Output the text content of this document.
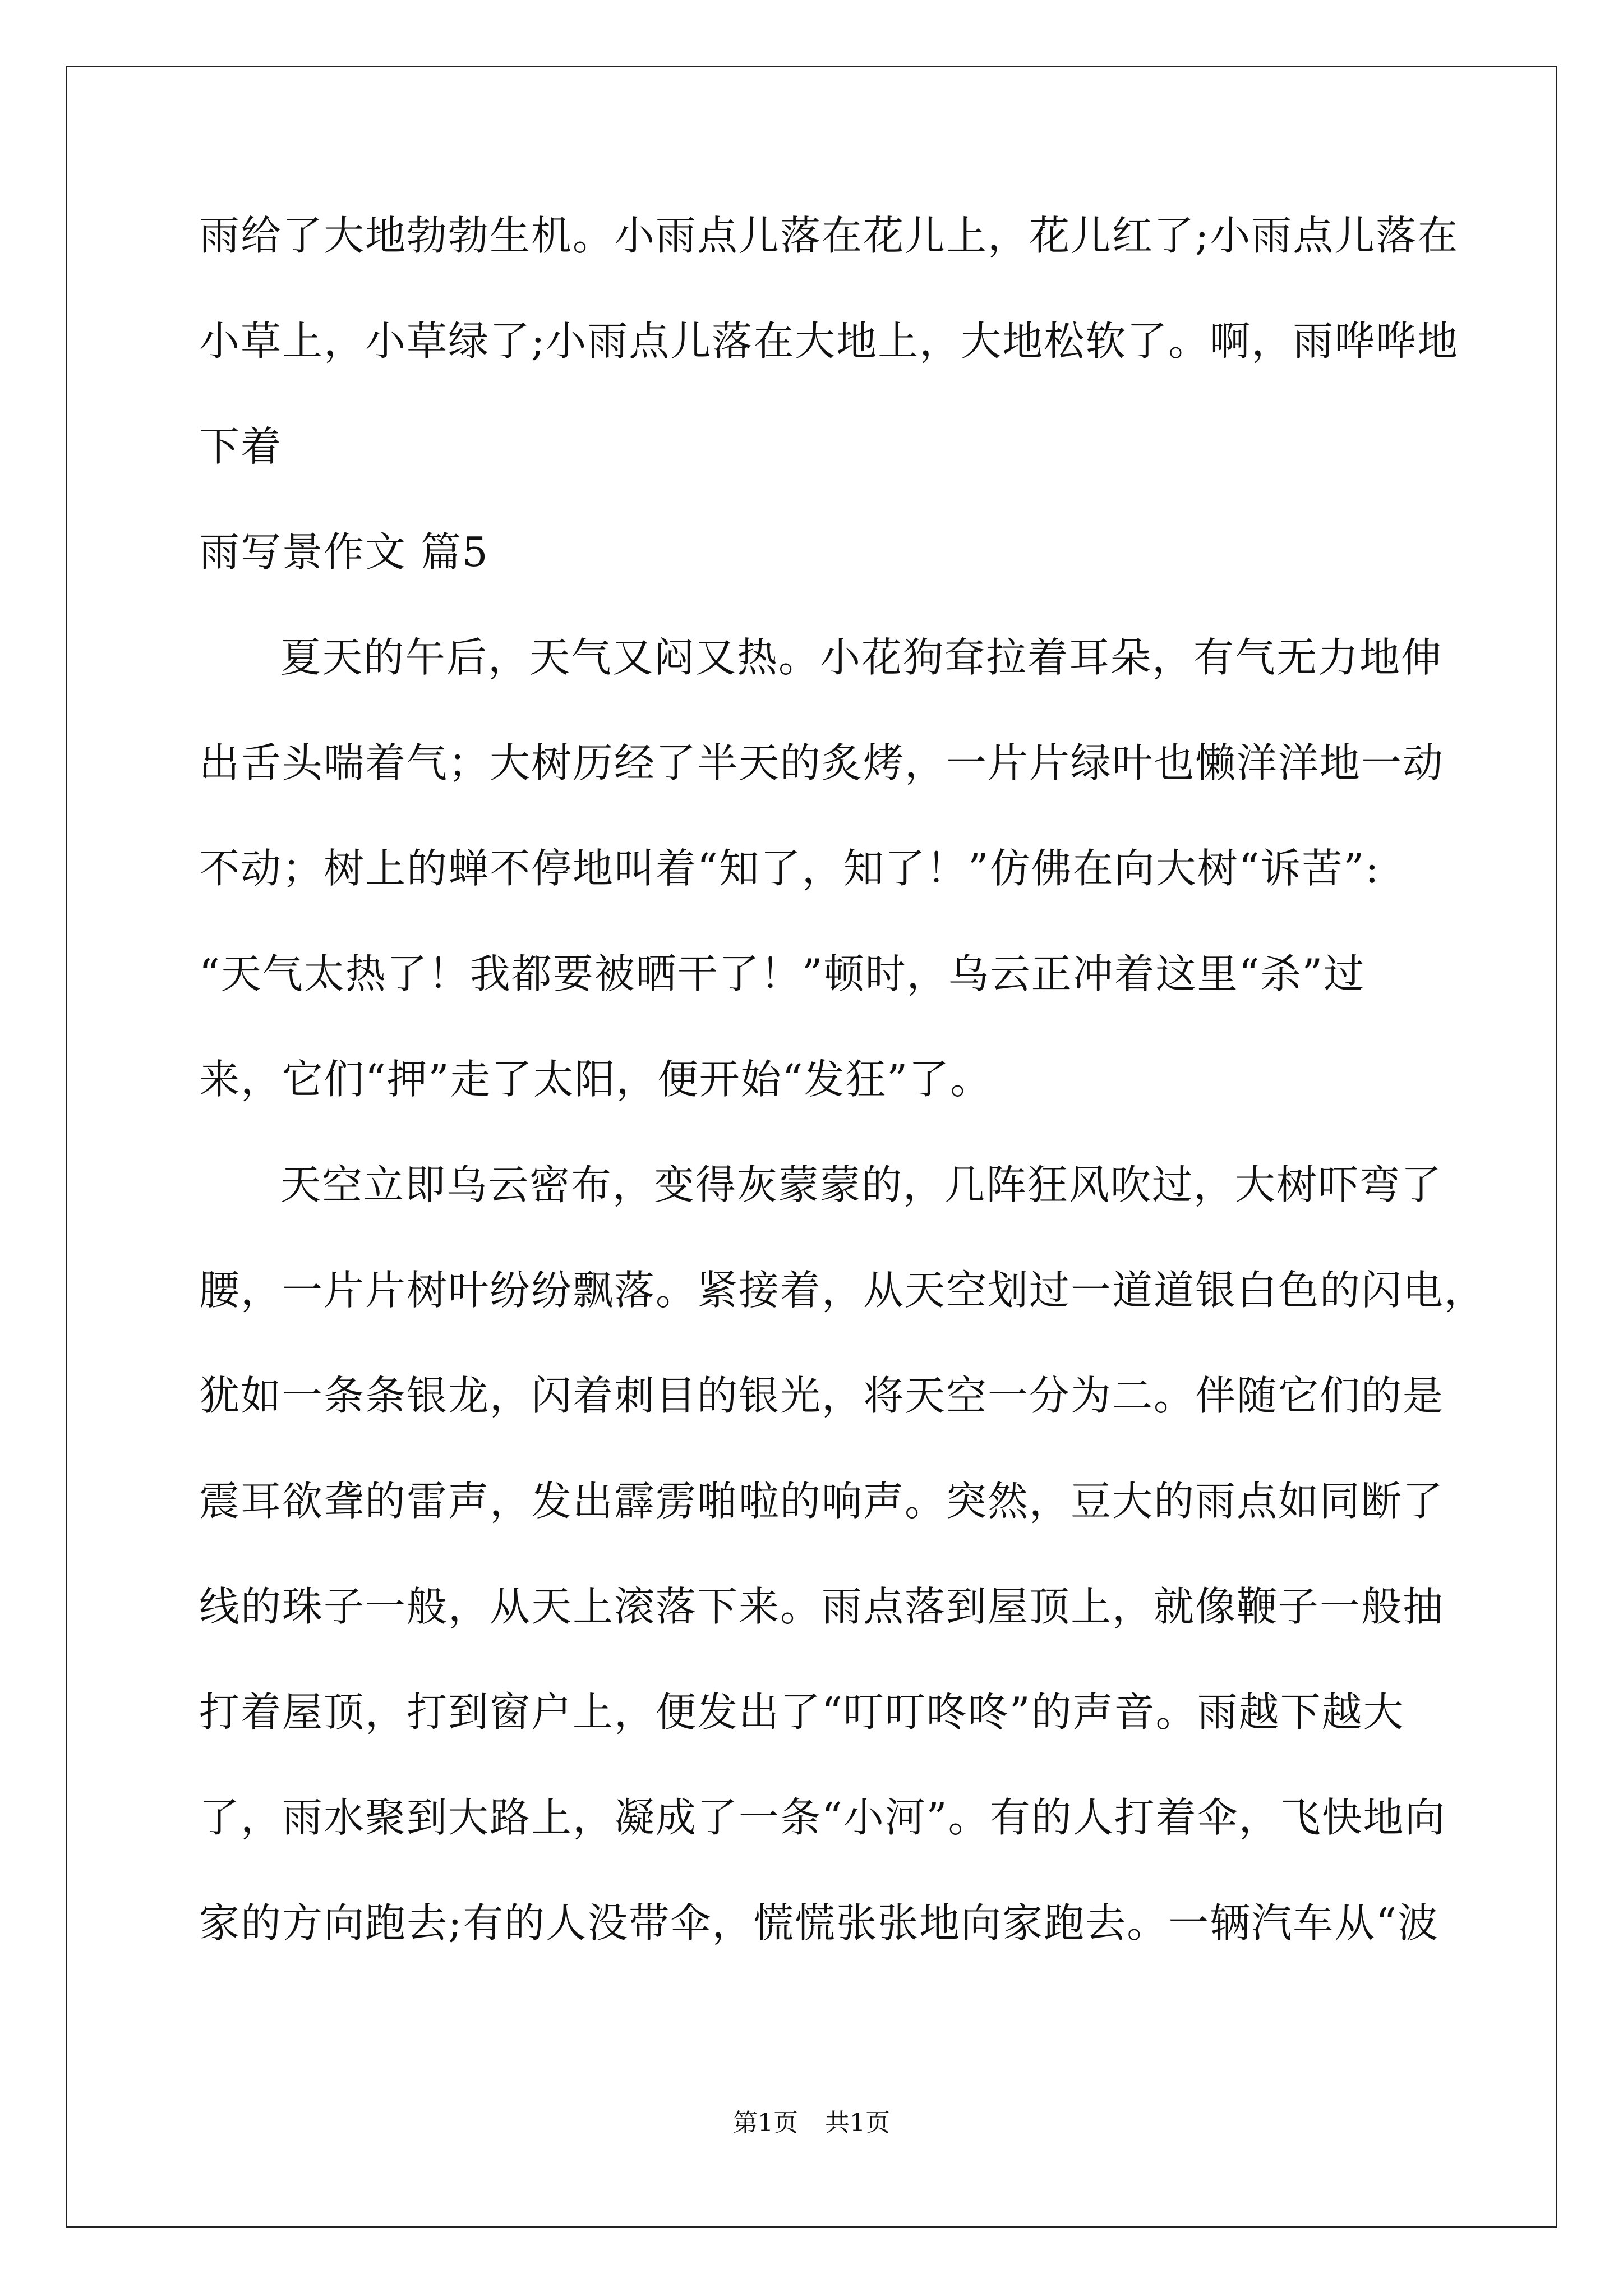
雨给了大地勃勃生机。小雨点儿落在花儿上，花儿红了;小雨点儿落在
小草上，小草绿了;小雨点儿落在大地上，大地松软了。啊，雨哗哗地
下着
雨写景作文 篇5
夏天的午后，天气又闷又热。小花狗耷拉着耳朵，有气无力地伸
出舌头喘着气；大树历经了半天的炙烤，一片片绿叶也懒洋洋地一动
不动；树上的蝉不停地叫着“知了，知了！”仿佛在向大树“诉苦”:
“天气太热了！我都要被晒干了！”顿时，乌云正冲着这里“杀”过
来，它们“押”走了太阳，便开始“发狂”了。
天空立即乌云密布，变得灰蒙蒙的，几阵狂风吹过，大树吓弯了
腰，一片片树叶纷纷飘落。紧接着，从天空划过一道道银白色的闪电，
犹如一条条银龙，闪着刺目的银光，将天空一分为二。伴随它们的是
震耳欲聋的雷声，发出霹雳啪啦的响声。突然，豆大的雨点如同断了
线的珠子一般，从天上滚落下来。雨点落到屋顶上，就像鞭子一般抽
打着屋顶，打到窗户上，便发出了“叮叮咚咚”的声音。雨越下越大
了，雨水聚到大路上，凝成了一条“小河”。有的人打着伞，飞快地向
家的方向跑去;有的人没带伞，慌慌张张地向家跑去。一辆汽车从“波
第1页 共1页
